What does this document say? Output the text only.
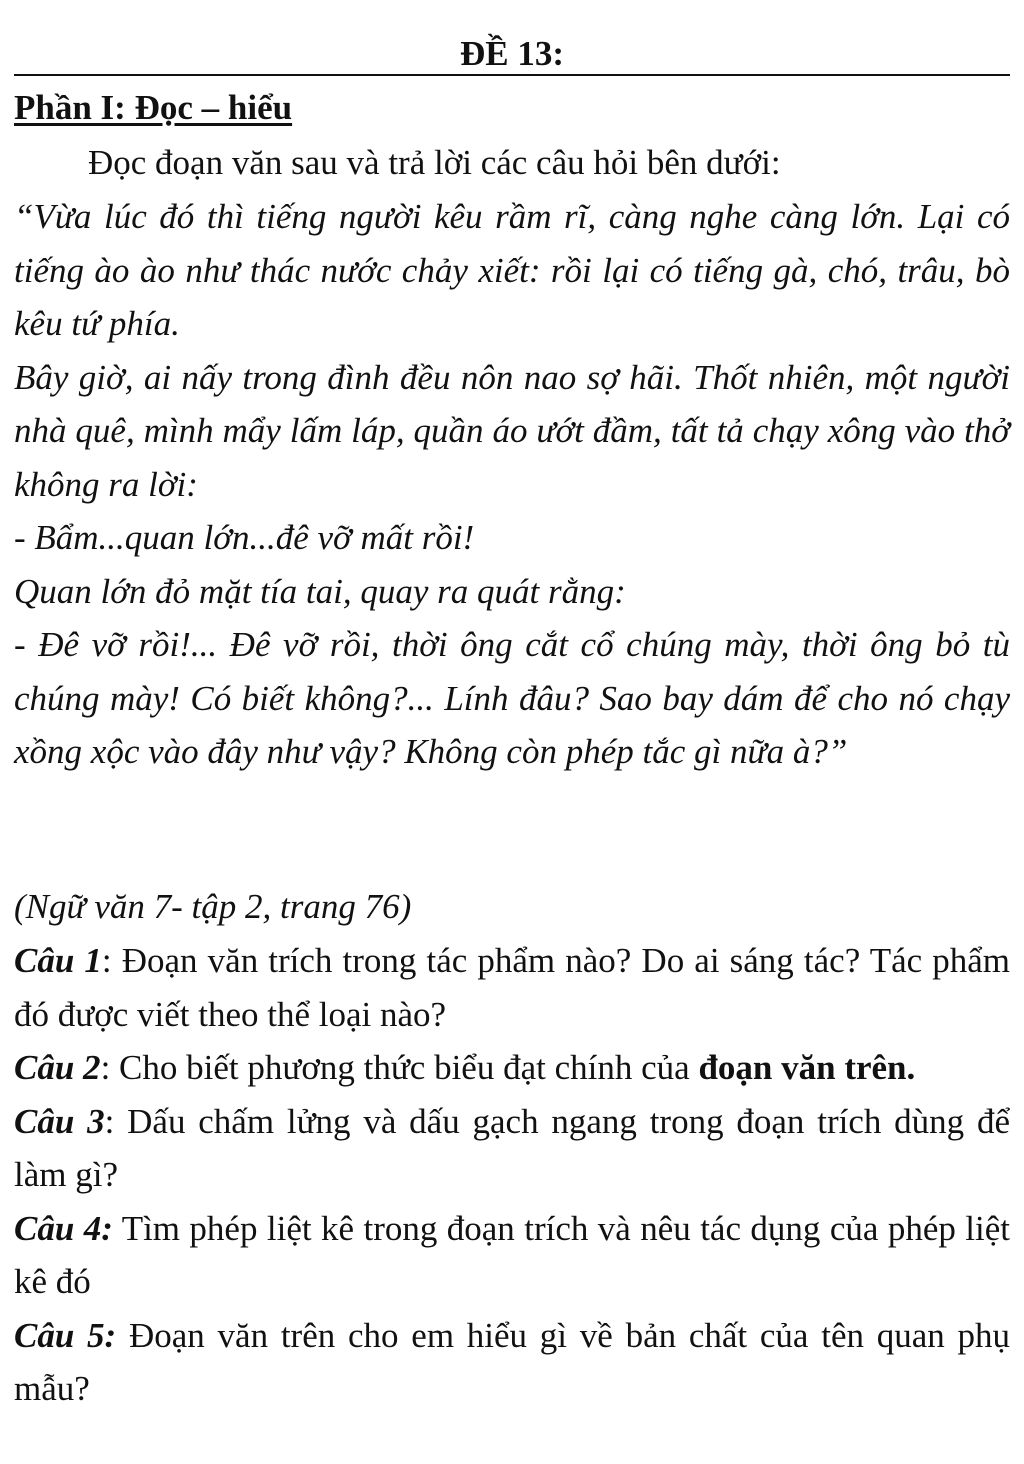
ĐỀ 13:
Phần I: Đọc – hiểu

Đọc đoạn văn sau và trả lời các câu hỏi bên dưới:

“Vừa lúc đó thì tiếng người kêu rầm rĩ, càng nghe càng lớn. Lại có tiếng ào ào như thác nước chảy xiết: rồi lại có tiếng gà, chó, trâu, bò kêu tứ phía.

Bây giờ, ai nấy trong đình đều nôn nao sợ hãi. Thốt nhiên, một người nhà quê, mình mẩy lấm láp, quần áo ướt đầm, tất tả chạy xông vào thở không ra lời:

- Bẩm...quan lớn...đê vỡ mất rồi!

Quan lớn đỏ mặt tía tai, quay ra quát rằng:

- Đê vỡ rồi!... Đê vỡ rồi, thời ông cắt cổ chúng mày, thời ông bỏ tù chúng mày! Có biết không?... Lính đâu? Sao bay dám để cho nó chạy xồng xộc vào đây như vậy? Không còn phép tắc gì nữa à?”

(Ngữ văn 7- tập 2, trang 76)

Câu 1: Đoạn văn trích trong tác phẩm nào? Do ai sáng tác? Tác phẩm đó được viết theo thể loại nào?

Câu 2: Cho biết phương thức biểu đạt chính của đoạn văn trên.

Câu 3: Dấu chấm lửng và dấu gạch ngang trong đoạn trích dùng để làm gì?

Câu 4: Tìm phép liệt kê trong đoạn trích và nêu tác dụng của phép liệt kê đó

Câu 5: Đoạn văn trên cho em hiểu gì về bản chất của tên quan phụ mẫu?
